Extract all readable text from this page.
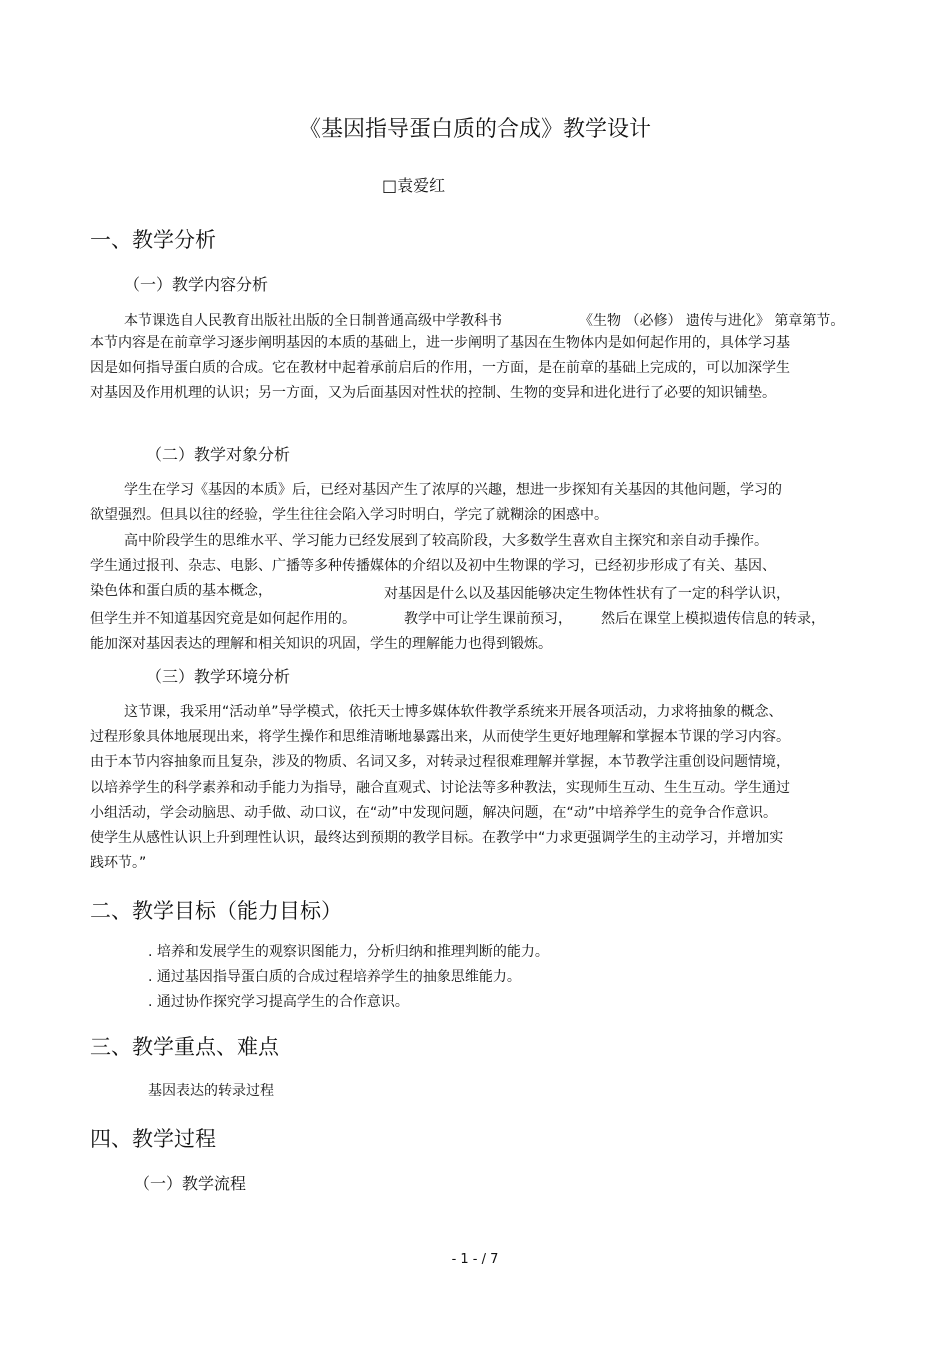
《基因指导蛋白质的合成》教学设计
□袁爱红
一、教学分析
（一）教学内容分析
本节课选自人民教育出版社出版的全日制普通高级中学教科书	《生物 （必修） 遗传与进化》 第章第节。
本节内容是在前章学习逐步阐明基因的本质的基础上，进一步阐明了基因在生物体内是如何起作用的，具体学习基因是如何指导蛋白质的合成。它在教材中起着承前启后的作用，一方面，是在前章的基础上完成的，可以加深学生对基因及作用机理的认识；另一方面，又为后面基因对性状的控制、生物的变异和进化进行了必要的知识铺垫。
（二）教学对象分析
学生在学习《基因的本质》后，已经对基因产生了浓厚的兴趣，想进一步探知有关基因的其他问题，学习的欲望强烈。但具以往的经验，学生往往会陷入学习时明白，学完了就糊涂的困惑中。
高中阶段学生的思维水平、学习能力已经发展到了较高阶段，大多数学生喜欢自主探究和亲自动手操作。学生通过报刊、杂志、电影、广播等多种传播媒体的介绍以及初中生物课的学习，已经初步形成了有关、基因、染色体和蛋白质的基本概念，	对基因是什么以及基因能够决定生物体性状有了一定的科学认识，
但学生并不知道基因究竟是如何起作用的。	教学中可让学生课前预习， 然后在课堂上模拟遗传信息的转录，
能加深对基因表达的理解和相关知识的巩固，学生的理解能力也得到锻炼。
（三）教学环境分析
这节课，我采用“活动单”导学模式，依托天士博多媒体软件教学系统来开展各项活动，力求将抽象的概念、过程形象具体地展现出来，将学生操作和思维清晰地暴露出来，从而使学生更好地理解和掌握本节课的学习内容。由于本节内容抽象而且复杂，涉及的物质、名词又多，对转录过程很难理解并掌握，本节教学注重创设问题情境，以培养学生的科学素养和动手能力为指导，融合直观式、讨论法等多种教法，实现师生互动、生生互动。学生通过小组活动，学会动脑思、动手做、动口议，在“动”中发现问题，解决问题，在“动”中培养学生的竞争合作意识。使学生从感性认识上升到理性认识，最终达到预期的教学目标。在教学中“力求更强调学生的主动学习，并增加实践环节。”
二、教学目标（能力目标）
. 培养和发展学生的观察识图能力，分析归纳和推理判断的能力。
. 通过基因指导蛋白质的合成过程培养学生的抽象思维能力。
. 通过协作探究学习提高学生的合作意识。
三、教学重点、难点
基因表达的转录过程
四、教学过程
（一）教学流程
- 1 - / 7
